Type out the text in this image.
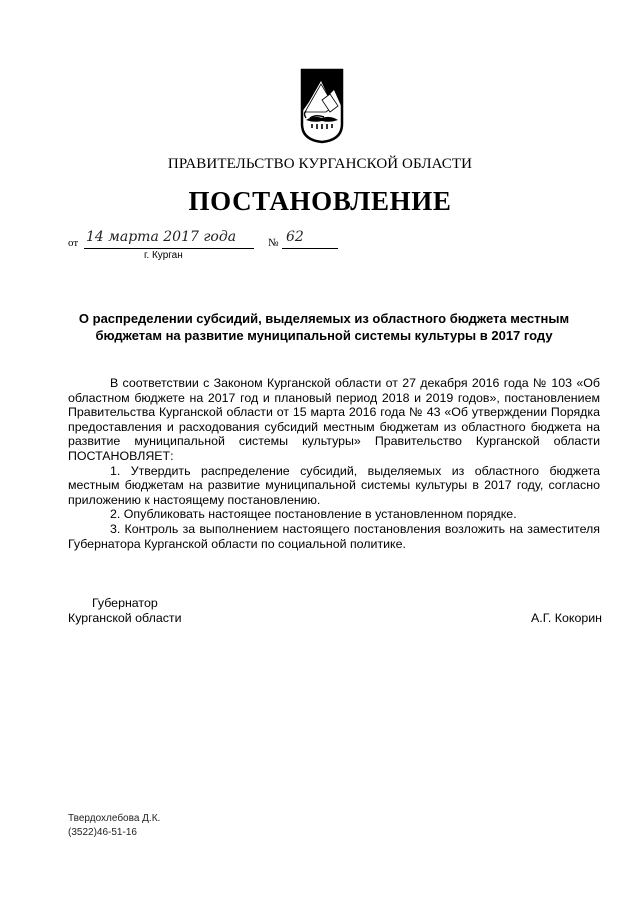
ПРАВИТЕЛЬСТВО КУРГАНСКОЙ ОБЛАСТИ
ПОСТАНОВЛЕНИЕ
от 14 марта 2017 года	№ 62
г. Курган
О распределении субсидий, выделяемых из областного бюджета местным бюджетам на развитие муниципальной системы культуры в 2017 году

В соответствии с Законом Курганской области от 27 декабря 2016 года № 103 «Об областном бюджете на 2017 год и плановый период 2018 и 2019 годов», постановлением Правительства Курганской области от 15 марта 2016 года № 43 «Об утверждении Порядка предоставления и расходования субсидий местным бюджетам из областного бюджета на развитие муниципальной системы культуры» Правительство Курганской области ПОСТАНОВЛЯЕТ:

1. Утвердить распределение субсидий, выделяемых из областного бюджета местным бюджетам на развитие муниципальной системы культуры в 2017 году, согласно приложению к настоящему постановлению.

2. Опубликовать настоящее постановление в установленном порядке.

3. Контроль за выполнением настоящего постановления возложить на заместителя Губернатора Курганской области по социальной политике.

Губернатор
Курганской области	А.Г. Кокорин
Твердохлебова Д.К.
(3522)46-51-16
